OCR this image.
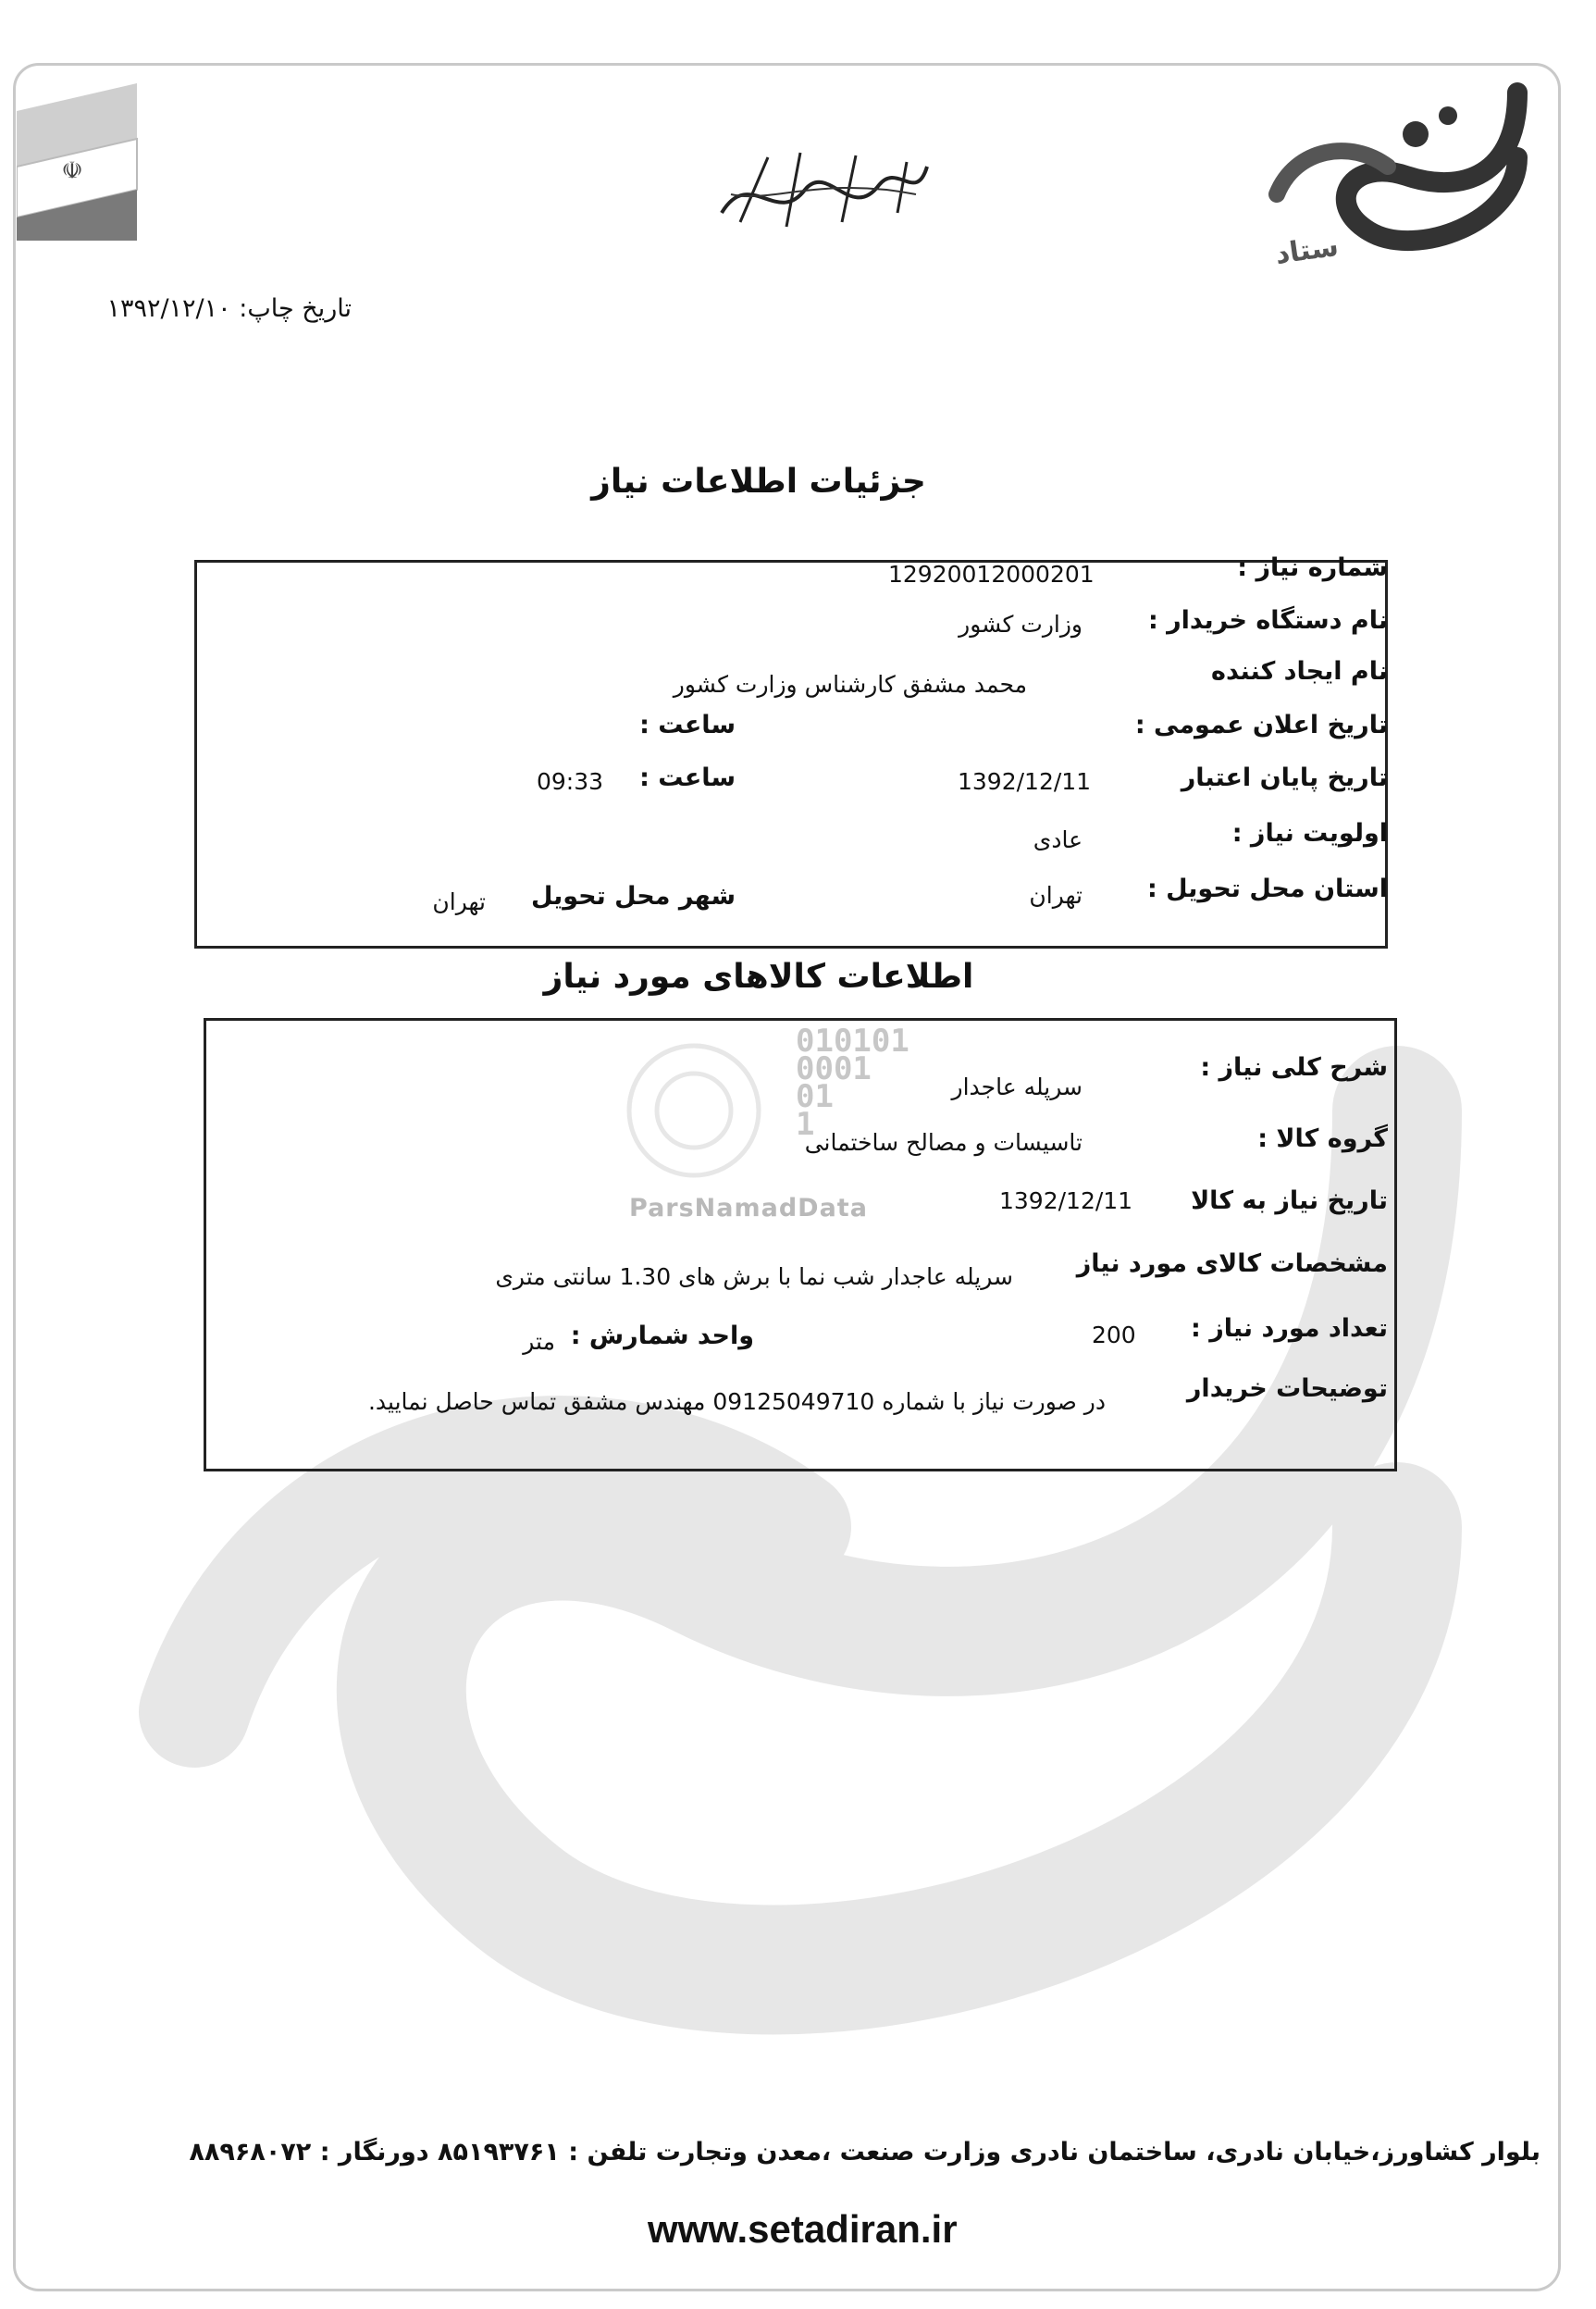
☫
ستاد
010101
0001
01
1
ParsNamadData
تاریخ چاپ: ۱۳۹۲/۱۲/۱۰
جزئیات اطلاعات نیاز
شماره نیاز :
12920012000201
نام دستگاه خریدار :
وزارت کشور
نام ایجاد کننده
محمد مشفق کارشناس وزارت کشور
تاریخ اعلان عمومی :
ساعت :
تاریخ پایان اعتبار
1392/12/11
ساعت :
09:33
اولویت نیاز :
عادی
استان محل تحویل :
تهران
شهر محل تحویل
تهران
اطلاعات کالاهای مورد نیاز
شرح کلی نیاز :
سرپله عاجدار
گروه کالا :
تاسیسات و مصالح ساختمانی
تاریخ نیاز به کالا
1392/12/11
مشخصات کالای مورد نیاز
سرپله عاجدار شب نما با برش های 1.30 سانتی متری
تعداد مورد نیاز :
200
واحد شمارش :
متر
توضیحات خریدار
در صورت نیاز با شماره 09125049710 مهندس مشفق تماس حاصل نمایید.
بلوار کشاورز،خیابان نادری، ساختمان نادری وزارت صنعت ،معدن وتجارت تلفن : ۸۵۱۹۳۷۶۱ دورنگار : ۸۸۹۶۸۰۷۲
www.setadiran.ir
